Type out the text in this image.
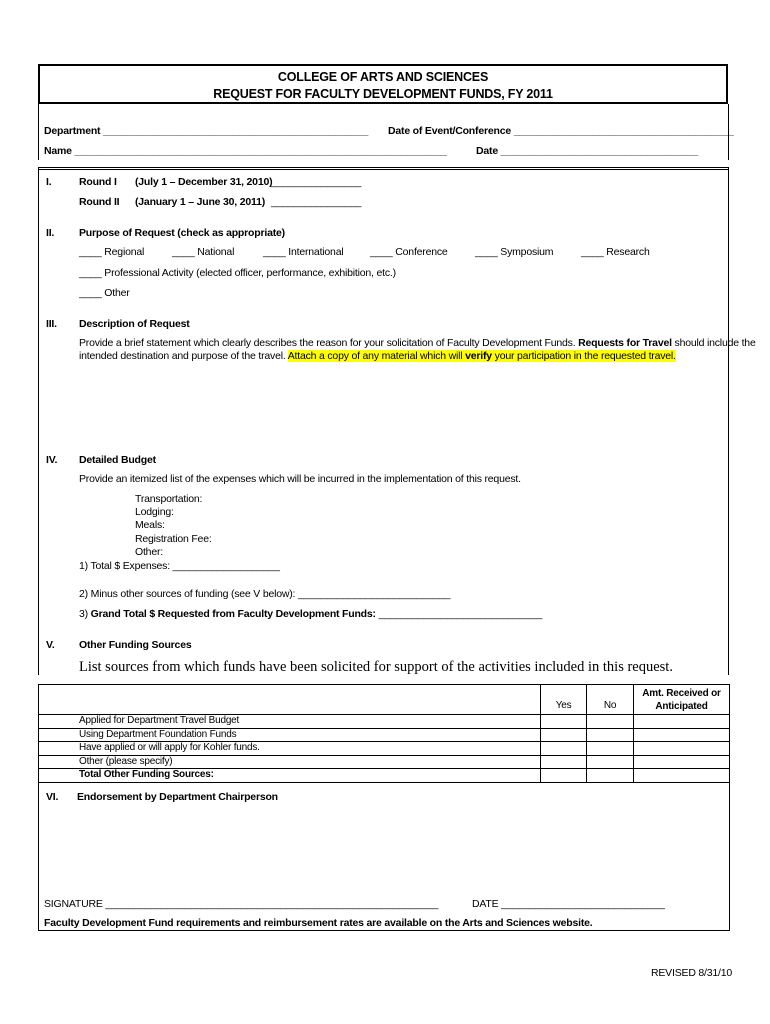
COLLEGE OF ARTS AND SCIENCES
REQUEST FOR FACULTY DEVELOPMENT FUNDS, FY 2011
Department _______________________________________________ Date of Event/Conference _______________________________________
Name __________________________________________________________________	Date ___________________________________
I.	Round I (July 1 – December 31, 2010)
________________
Round II (January 1 – June 30, 2011) ________________
II. Purpose of Request (check as appropriate)
____ Regional	____ National	____ International	____ Conference	____ Symposium	____ Research
____ Professional Activity (elected officer, performance, exhibition, etc.)
____ Other
III. Description of Request
Provide a brief statement which clearly describes the reason for your solicitation of Faculty Development Funds. Requests for Travel should include the
intended destination and purpose of the travel. Attach a copy of any material which will verify your participation in the requested travel.
IV. Detailed Budget
Provide an itemized list of the expenses which will be incurred in the implementation of this request.
Transportation:
Lodging:
Meals:
Registration Fee:
Other:
1) Total $ Expenses: ___________________
2) Minus other sources of funding (see V below): ___________________________
3) Grand Total $ Requested from Faculty Development Funds: _____________________________
V. Other Funding Sources
List sources from which funds have been solicited for support of the activities included in this request.
	Yes	No	Amt. Received or
Anticipated
Applied for Department Travel Budget			
Using Department Foundation Funds			
Have applied or will apply for Kohler funds.			
Other (please specify)			
Total Other Funding Sources:			
VI. Endorsement by Department Chairperson
SIGNATURE ___________________________________________________________	DATE _____________________________
Faculty Development Fund requirements and reimbursement rates are available on the Arts and Sciences website.
REVISED 8/31/10
